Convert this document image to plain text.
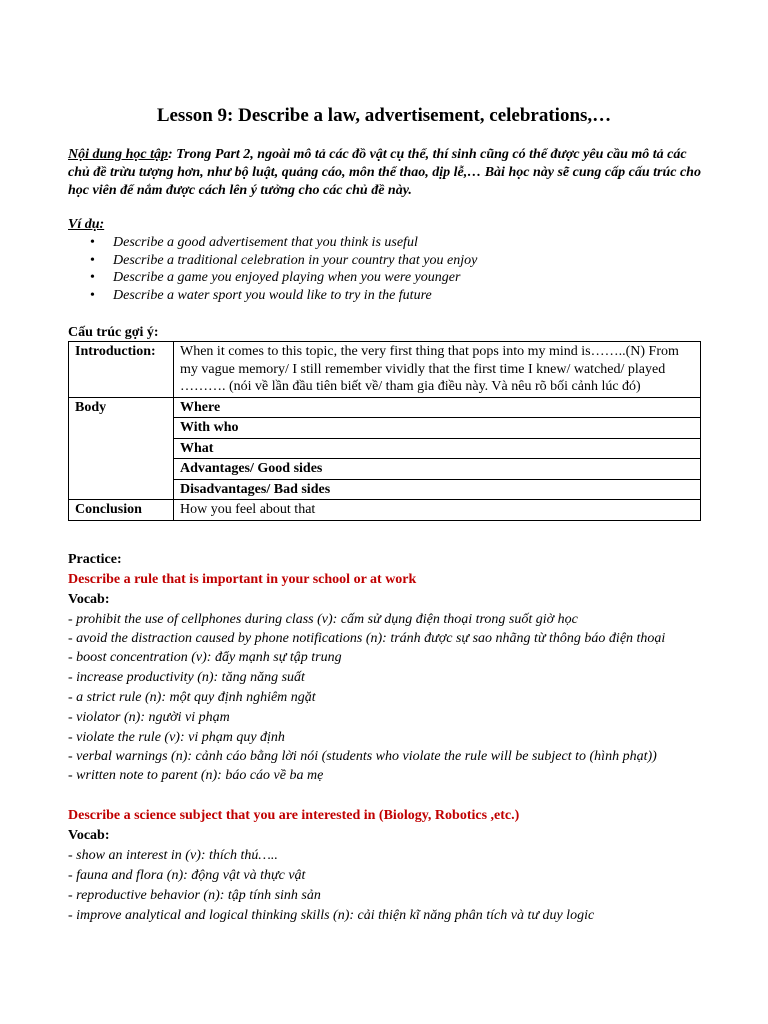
Lesson 9: Describe a law, advertisement, celebrations,…
Nội dung học tập: Trong Part 2, ngoài mô tả các đồ vật cụ thể, thí sinh cũng có thể được yêu cầu mô tả các chủ đề trừu tượng hơn, như bộ luật, quảng cáo, môn thể thao, dịp lễ,… Bài học này sẽ cung cấp cấu trúc cho học viên để nắm được cách lên ý tưởng cho các chủ đề này.
Ví dụ:
• Describe a good advertisement that you think is useful
• Describe a traditional celebration in your country that you enjoy
• Describe a game you enjoyed playing when you were younger
• Describe a water sport you would like to try in the future
Cấu trúc gợi ý:
Introduction:	When it comes to this topic, the very first thing that pops into my mind is……..(N) From my vague memory/ I still remember vividly that the first time I knew/ watched/ played ………. (nói về lần đầu tiên biết về/ tham gia điều này. Và nêu rõ bối cảnh lúc đó)
Body	Where
	With who
	What
	Advantages/ Good sides
	Disadvantages/ Bad sides
Conclusion	How you feel about that
Practice:
Describe a rule that is important in your school or at work
Vocab:
- prohibit the use of cellphones during class (v): cấm sử dụng điện thoại trong suốt giờ học
- avoid the distraction caused by phone notifications (n): tránh được sự sao nhãng từ thông báo điện thoại
- boost concentration (v): đẩy mạnh sự tập trung
- increase productivity (n): tăng năng suất
- a strict rule (n): một quy định nghiêm ngặt
- violator (n): người vi phạm
- violate the rule (v): vi phạm quy định
- verbal warnings (n): cảnh cáo bằng lời nói (students who violate the rule will be subject to (hình phạt))
- written note to parent (n): báo cáo về ba mẹ
Describe a science subject that you are interested in (Biology, Robotics ,etc.)
Vocab:
- show an interest in (v): thích thú…..
- fauna and flora (n): động vật và thực vật
- reproductive behavior (n): tập tính sinh sản
- improve analytical and logical thinking skills (n): cải thiện kĩ năng phân tích và tư duy logic
